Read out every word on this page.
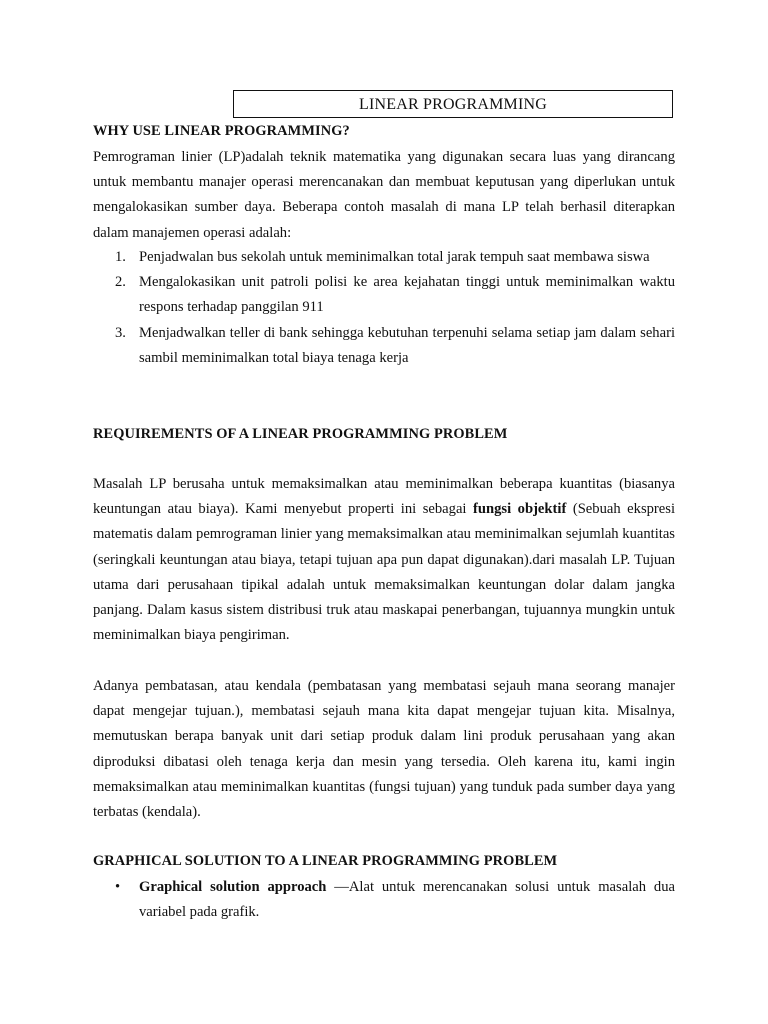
LINEAR PROGRAMMING
WHY USE LINEAR PROGRAMMING?
Pemrograman linier (LP)adalah teknik matematika yang digunakan secara luas yang dirancang untuk membantu manajer operasi merencanakan dan membuat keputusan yang diperlukan untuk mengalokasikan sumber daya. Beberapa contoh masalah di mana LP telah berhasil diterapkan dalam manajemen operasi adalah:
1. Penjadwalan bus sekolah untuk meminimalkan total jarak tempuh saat membawa siswa
2. Mengalokasikan unit patroli polisi ke area kejahatan tinggi untuk meminimalkan waktu respons terhadap panggilan 911
3. Menjadwalkan teller di bank sehingga kebutuhan terpenuhi selama setiap jam dalam sehari sambil meminimalkan total biaya tenaga kerja
REQUIREMENTS OF A LINEAR PROGRAMMING PROBLEM
Masalah LP berusaha untuk memaksimalkan atau meminimalkan beberapa kuantitas (biasanya keuntungan atau biaya). Kami menyebut properti ini sebagai fungsi objektif (Sebuah ekspresi matematis dalam pemrograman linier yang memaksimalkan atau meminimalkan sejumlah kuantitas (seringkali keuntungan atau biaya, tetapi tujuan apa pun dapat digunakan).dari masalah LP. Tujuan utama dari perusahaan tipikal adalah untuk memaksimalkan keuntungan dolar dalam jangka panjang. Dalam kasus sistem distribusi truk atau maskapai penerbangan, tujuannya mungkin untuk meminimalkan biaya pengiriman.
Adanya pembatasan, atau kendala (pembatasan yang membatasi sejauh mana seorang manajer dapat mengejar tujuan.), membatasi sejauh mana kita dapat mengejar tujuan kita. Misalnya, memutuskan berapa banyak unit dari setiap produk dalam lini produk perusahaan yang akan diproduksi dibatasi oleh tenaga kerja dan mesin yang tersedia. Oleh karena itu, kami ingin memaksimalkan atau meminimalkan kuantitas (fungsi tujuan) yang tunduk pada sumber daya yang terbatas (kendala).
GRAPHICAL SOLUTION TO A LINEAR PROGRAMMING PROBLEM
• Graphical solution approach —Alat untuk merencanakan solusi untuk masalah dua variabel pada grafik.
